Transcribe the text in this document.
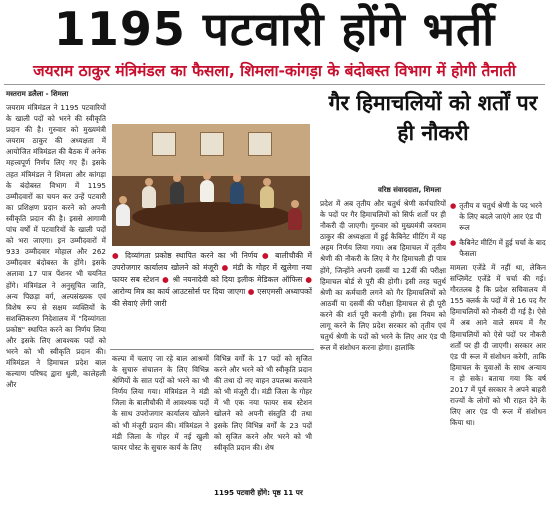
1195 पटवारी होंगे भर्ती
जयराम ठाकुर मंत्रिमंडल का फैसला, शिमला-कांगड़ा के बंदोबस्त विभाग में होगी तैनाती
मस्तराम डलैला - शिमला
जयराम मंत्रिमंडल ने 1195 पटवारियों के खाली पदों को भरने की स्वीकृति प्रदान की है। गुरुवार को मुख्यमंत्री जयराम ठाकुर की अध्यक्षता में आयोजित मंत्रिमंडल की बैठक में अनेक महत्त्वपूर्ण निर्णय लिए गए हैं। इसके तहत मंत्रिमंडल ने शिमला और कांगड़ा के बंदोबस्त विभाग में 1195 उम्मीदवारों का चयन कर उन्हें पटवारी का प्रशिक्षण प्रदान करने को अपनी स्वीकृति प्रदान की है। इससे आगामी पांच वर्षों में पटवारियों के खाली पदों को भरा जाएगा। इन उम्मीदवारों में 933 उम्मीदवार मोहाल और 262 उम्मीदवार बंदोबस्त के होंगे। इसके अलावा 17 पात्र पेंशनर भी चयनित होंगे। मंत्रिमंडल ने अनुसूचित जाति, अन्य पिछड़ा वर्ग, अल्पसंख्यक एवं विशेष रूप से सक्षम व्यक्तियों के सशक्तिकरण निदेशालय में "दिव्यांगता प्रकोष्ठ" स्थापित करने का निर्णय लिया और इसके लिए आवश्यक पदों को भरने को भी स्वीकृति प्रदान की। मंत्रिमंडल ने हिमाचल प्रदेश बाल कल्याण परिषद द्वारा धुली, कालेहली और
● दिव्यांगता प्रकोष्ठ स्थापित करने का भी निर्णय ● बालीचौकी में उपरोजगार कार्यालय खोलने को मंजूरी ● मंडी के गोहर में खुलेगा नया फायर सब स्टेशन ● श्री नयनादेवी को दिया इलीक मेडिकल ऑफिस ● आरोग्य मित्र का कार्य आउटसोर्स पर दिया जाएगा ● एसएमसी अध्यापकों की सेवाएं लेंगी जारी
कल्पा में चलाए जा रहे बाल आश्रमों के सुचारु संचालन के लिए विभिन्न श्रेणियों के सात पदों को भरने का भी निर्णय लिया गया। मंत्रिमंडल ने मंडी जिला के बालीचौकी में आवश्यक पदों के साथ उपरोजगार कार्यालय खोलने को भी मंजूरी प्रदान की। मंत्रिमंडल ने मंडी जिला के गोहर में नई खुली फायर पोस्ट के सुचारु कार्य के लिए
विभिन्न वर्गों के 17 पदों को सृजित करने और भरने को भी स्वीकृति प्रदान की तथा दो नए वाहन उपलब्ध करवाने को भी मंजूरी दी। मंडी जिला के गोहर में भी एक नया फायर सब स्टेशन खोलने को अपनी संस्तुति दी तथा इसके लिए विभिन्न वर्गों के 23 पदों को सृजित करने और भरने को भी स्वीकृति प्रदान की। शेष
1195 पटवारी होंगे: पृष्ठ 11 पर
गैर हिमाचलियों को शर्तों पर ही नौकरी
वरिष्ठ संवाददाता, शिमला
प्रदेश में अब तृतीय और चतुर्थ श्रेणी कर्मचारियों के पदों पर गैर हिमाचलियों को सिर्फ शर्तों पर ही नौकरी दी जाएगी। गुरुवार को मुख्यमंत्री जयराम ठाकुर की अध्यक्षता में हुई कैबिनेट मीटिंग में यह अहम निर्णय लिया गया। अब हिमाचल में तृतीय श्रेणी की नौकरी के लिए वे गैर हिमाचली ही पात्र होंगे, जिन्होंने अपनी दसवीं या 12वीं की परीक्षा हिमाचल बोर्ड से पूरी की होगी। इसी तरह चतुर्थ श्रेणी का कर्मचारी लगने को गैर हिमाचलियों को आठवीं या दसवीं की परीक्षा हिमाचल से ही पूरी करने की शर्त पूरी करनी होगी। इस नियम को लागू करने के लिए प्रदेश सरकार को तृतीय एवं चतुर्थ श्रेणी के पदों को भरने के लिए आर एंड पी रूल में संशोधन करना होगा। हालांकि
● तृतीय व चतुर्थ श्रेणी के पद भरने के लिए बदले जाएंगे आर एंड पी रूल
● कैबिनेट मीटिंग में हुई चर्चा के बाद फैसला
मामला एजेंडे में नहीं था, लेकिन सप्लिमेंट एजेंडे में चर्चा की गई। गौरतलब है कि प्रदेश सचिवालय में 155 क्लर्क के पदों में से 16 पद गैर हिमाचलियों को नौकरी दी गई है। ऐसे में अब आने वाले समय में गैर हिमाचलियों को ऐसे पदों पर नौकरी शर्तों पर ही दी जाएगी। सरकार आर एंड पी रूल में संशोधन करेगी, ताकि हिमाचल के युवाओं के साथ अन्याय न हो सके। बताया गया कि वर्ष 2017 में पूर्व सरकार ने अपने बाहरी राज्यों के लोगों को भी राहत देने के लिए आर एंड पी रूल में संशोधन किया था।
